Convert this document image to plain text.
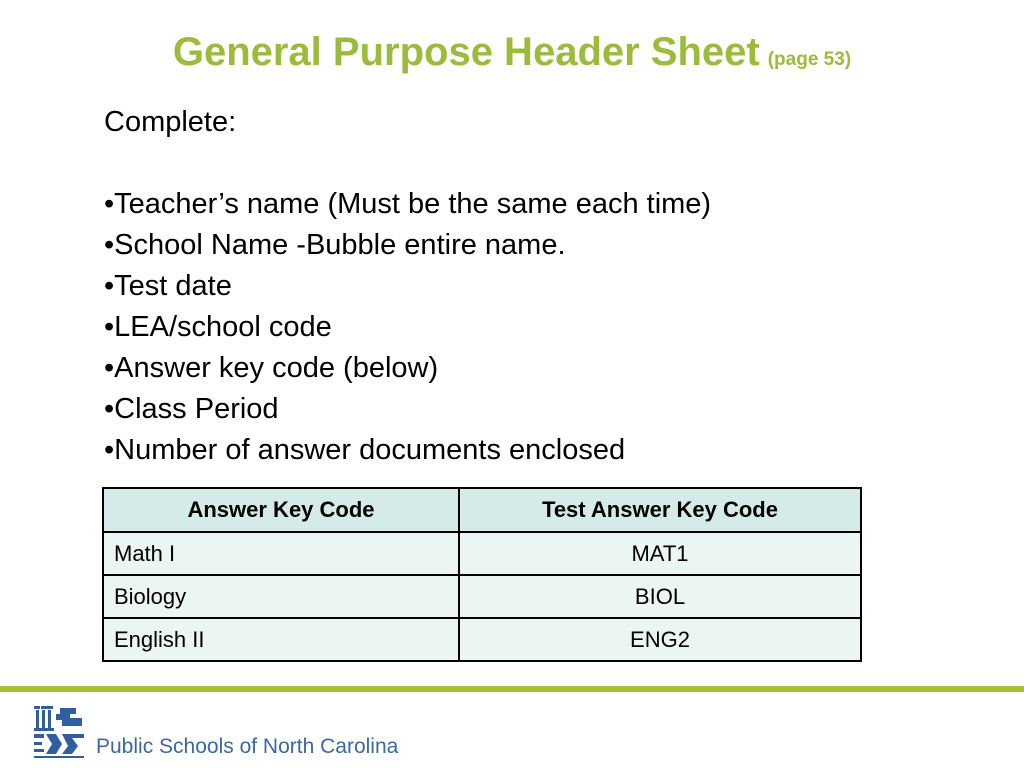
General Purpose Header Sheet (page 53)

Complete:

•Teacher’s name (Must be the same each time)
•School Name -Bubble entire name.
•Test date
•LEA/school code
•Answer key code (below)
•Class Period
•Number of answer documents enclosed
Answer Key Code	Test Answer Key Code
Math I	MAT1
Biology	BIOL
English II	ENG2
Public Schools of North Carolina
